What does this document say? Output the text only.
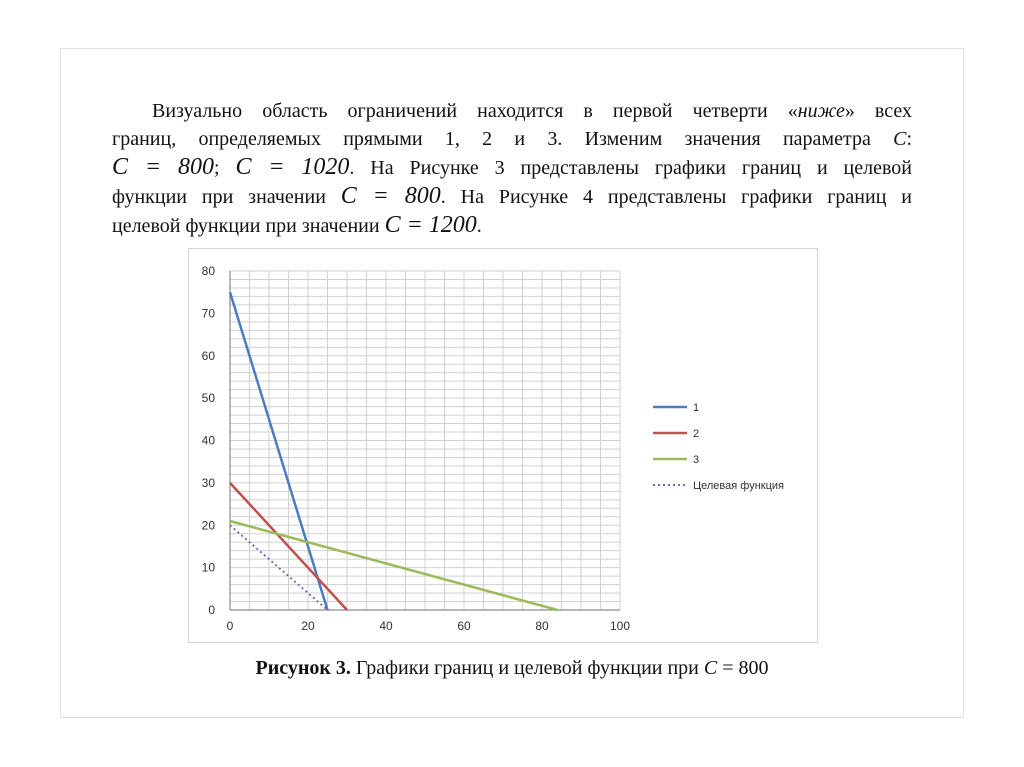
Визуально область ограничений находится в первой четверти «ниже» всех
границ, определяемых прямыми 1, 2 и 3. Изменим значения параметра С:
C = 800; C = 1020. На Рисунке 3 представлены графики границ и целевой
функции при значении C = 800. На Рисунке 4 представлены графики границ и
целевой функции при значении C = 1200.
0
10
20
30
40
50
60
70
80
0	20	40	60	80	100
1
2
3
Целевая функция
Рисунок 3. Графики границ и целевой функции при С = 800
